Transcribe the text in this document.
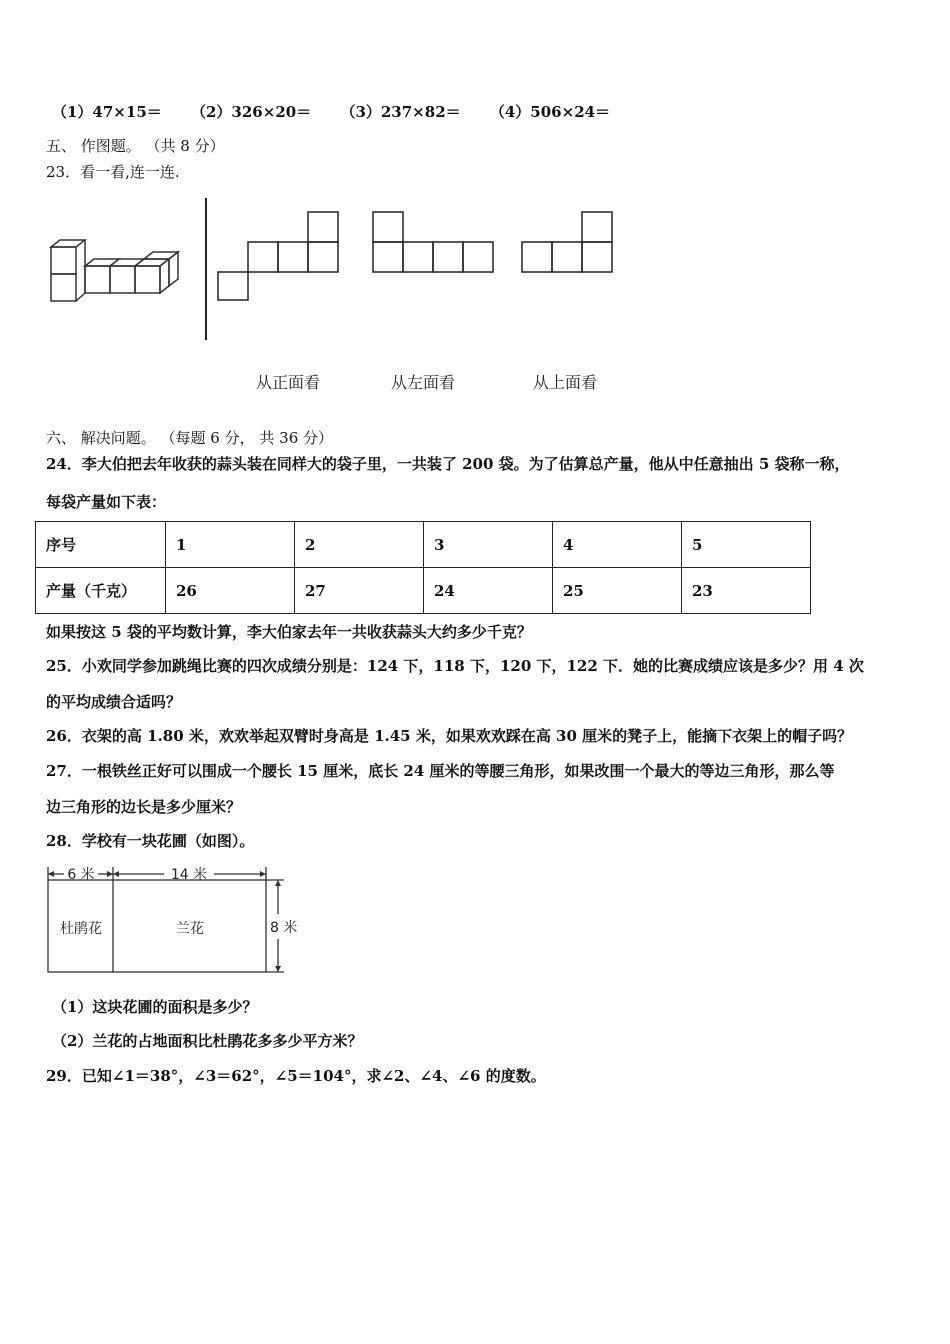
（1）47×15＝ （2）326×20＝ （3）237×82＝ （4）506×24＝
五、 作图题。 （共 8 分）
23．看一看,连一连.
从正面看	从左面看	从上面看
六、 解决问题。 （每题 6 分， 共 36 分）
24．李大伯把去年收获的蒜头装在同样大的袋子里，一共装了 200 袋。为了估算总产量，他从中任意抽出 5 袋称一称，
每袋产量如下表：
序号	1	2	3	4	5
产量（千克）	26	27	24	25	23
如果按这 5 袋的平均数计算，李大伯家去年一共收获蒜头大约多少千克？
25．小欢同学参加跳绳比赛的四次成绩分别是：124 下，118 下，120 下，122 下．她的比赛成绩应该是多少？用 4 次
的平均成绩合适吗？
26．衣架的高 1.80 米，欢欢举起双臂时身高是 1.45 米，如果欢欢踩在高 30 厘米的凳子上，能摘下衣架上的帽子吗？
27．一根铁丝正好可以围成一个腰长 15 厘米，底长 24 厘米的等腰三角形，如果改围一个最大的等边三角形，那么等
边三角形的边长是多少厘米？
28．学校有一块花圃（如图）。
6 米	14 米
8 米
杜鹃花	兰花
（1）这块花圃的面积是多少？
（2）兰花的占地面积比杜鹃花多多少平方米？
29．已知∠1＝38°，∠3＝62°，∠5＝104°，求∠2、∠4、∠6 的度数。
